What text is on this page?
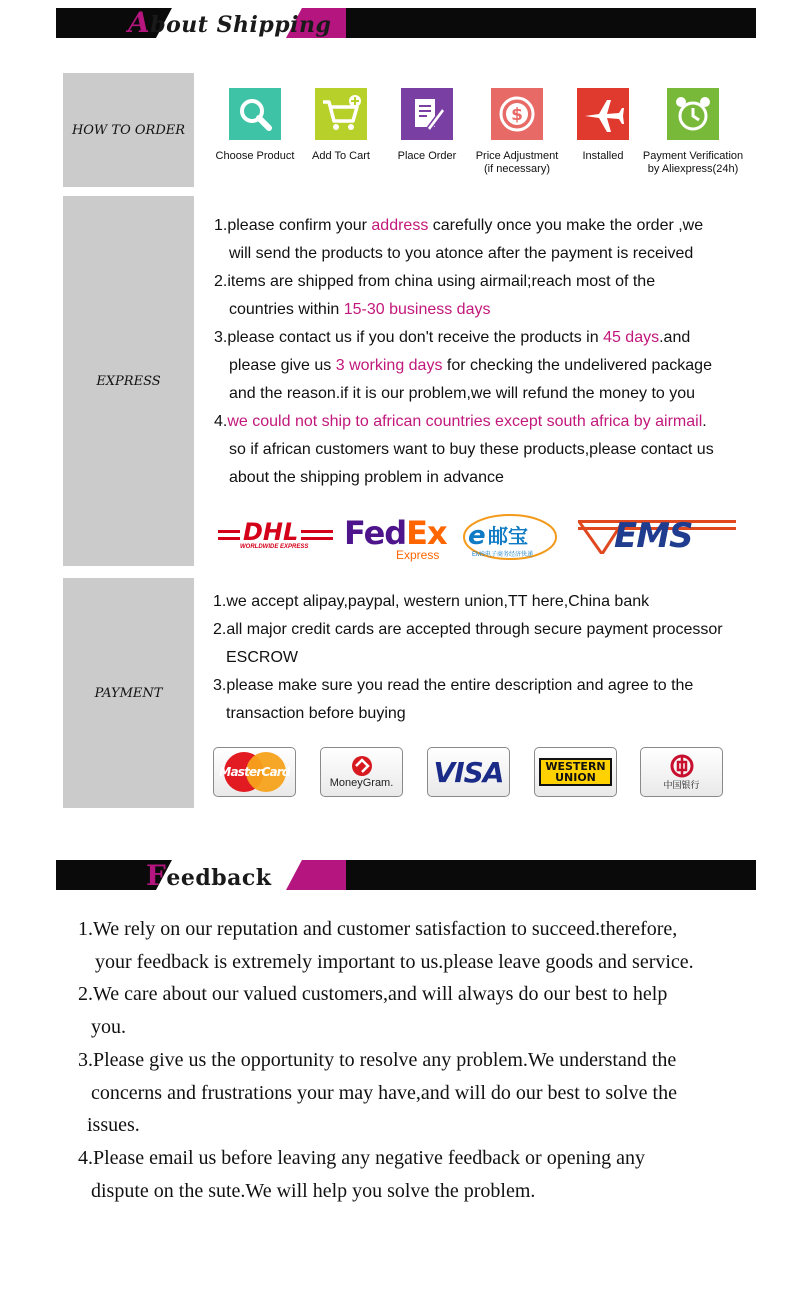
About Shipping
HOW TO ORDER
Choose Product	Add To Cart	Place Order
$
Price Adjustment
(if necessary)
Installed	Payment Verification
by Aliexpress(24h)
EXPRESS

1.please confirm your address carefully once you make the order ,we

will send the products to you atonce after the payment is received

2.items are shipped from china using airmail;reach most of the

countries within 15-30 business days

3.please contact us if you don't receive the products in 45 days.and

please give us 3 working days for checking the undelivered package

and the reason.if it is our problem,we will refund the money to you

4.we could not ship to african countries except south africa by airmail.

so if african customers want to buy these products,please contact us

about the shipping problem in advance

DHL
WORLDWIDE EXPRESS FedEx
Express
e 邮宝
EMS电子商务经济快递 EMS
PAYMENT

1.we accept alipay,paypal, western union,TT here,China bank

2.all major credit cards are accepted through secure payment processor

ESCROW

3.please make sure you read the entire description and agree to the

transaction before buying

MasterCard
MoneyGram. VISA	WESTERN
UNION
中国银行
Feedback

1.We rely on our reputation and customer satisfaction to succeed.therefore,

your feedback is extremely important to us.please leave goods and service.

2.We care about our valued customers,and will always do our best to help

you.

3.Please give us the opportunity to resolve any problem.We understand the

concerns and frustrations your may have,and will do our best to solve the

issues.

4.Please email us before leaving any negative feedback or opening any

dispute on the sute.We will help you solve the problem.
